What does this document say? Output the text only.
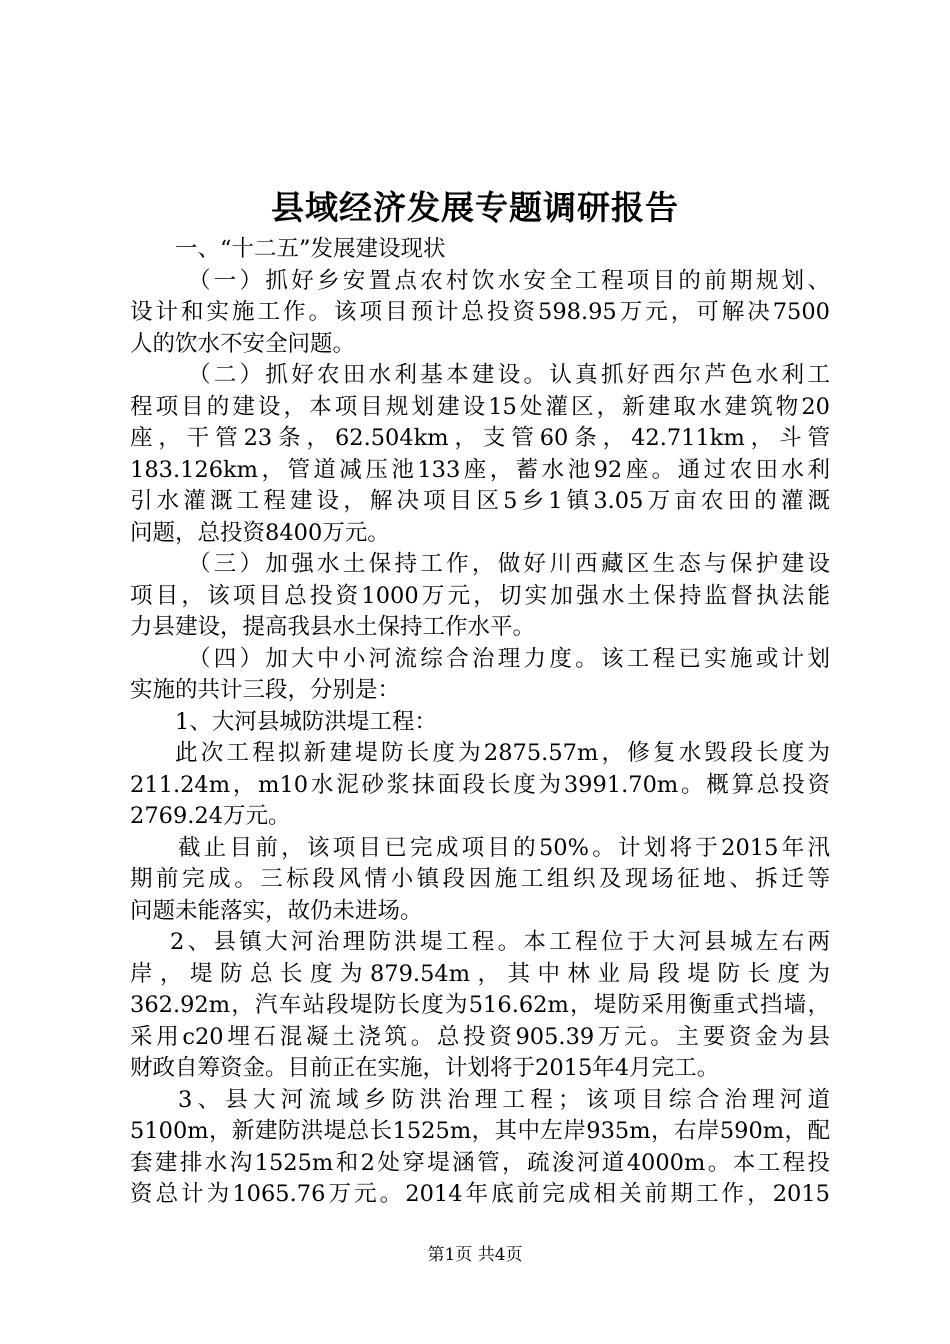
县域经济发展专题调研报告
一、“十二五”发展建设现状
（一）抓好乡安置点农村饮水安全工程项目的前期规划、
设计和实施工作。该项目预计总投资598.95万元，可解决7500
人的饮水不安全问题。
（二）抓好农田水利基本建设。认真抓好西尔芦色水利工
程项目的建设，本项目规划建设15处灌区，新建取水建筑物20
座，干管23条，62.504km，支管60条，42.711km，斗管
183.126km，管道减压池133座，蓄水池92座。通过农田水利
引水灌溉工程建设，解决项目区5乡1镇3.05万亩农田的灌溉
问题，总投资8400万元。
（三）加强水土保持工作，做好川西藏区生态与保护建设
项目，该项目总投资1000万元，切实加强水土保持监督执法能
力县建设，提高我县水土保持工作水平。
（四）加大中小河流综合治理力度。该工程已实施或计划
实施的共计三段，分别是：
1、大河县城防洪堤工程：
此次工程拟新建堤防长度为2875.57m，修复水毁段长度为
211.24m，m10水泥砂浆抹面段长度为3991.70m。概算总投资
2769.24万元。
截止目前，该项目已完成项目的50%。计划将于2015年汛
期前完成。三标段风情小镇段因施工组织及现场征地、拆迁等
问题未能落实，故仍未进场。
2、县镇大河治理防洪堤工程。本工程位于大河县城左右两
岸，堤防总长度为879.54m，其中林业局段堤防长度为
362.92m，汽车站段堤防长度为516.62m，堤防采用衡重式挡墙，
采用c20埋石混凝土浇筑。总投资905.39万元。主要资金为县
财政自筹资金。目前正在实施，计划将于2015年4月完工。
3、县大河流域乡防洪治理工程；该项目综合治理河道
5100m，新建防洪堤总长1525m，其中左岸935m，右岸590m，配
套建排水沟1525m和2处穿堤涵管，疏浚河道4000m。本工程投
资总计为1065.76万元。2014年底前完成相关前期工作，2015
第1页 共4页
